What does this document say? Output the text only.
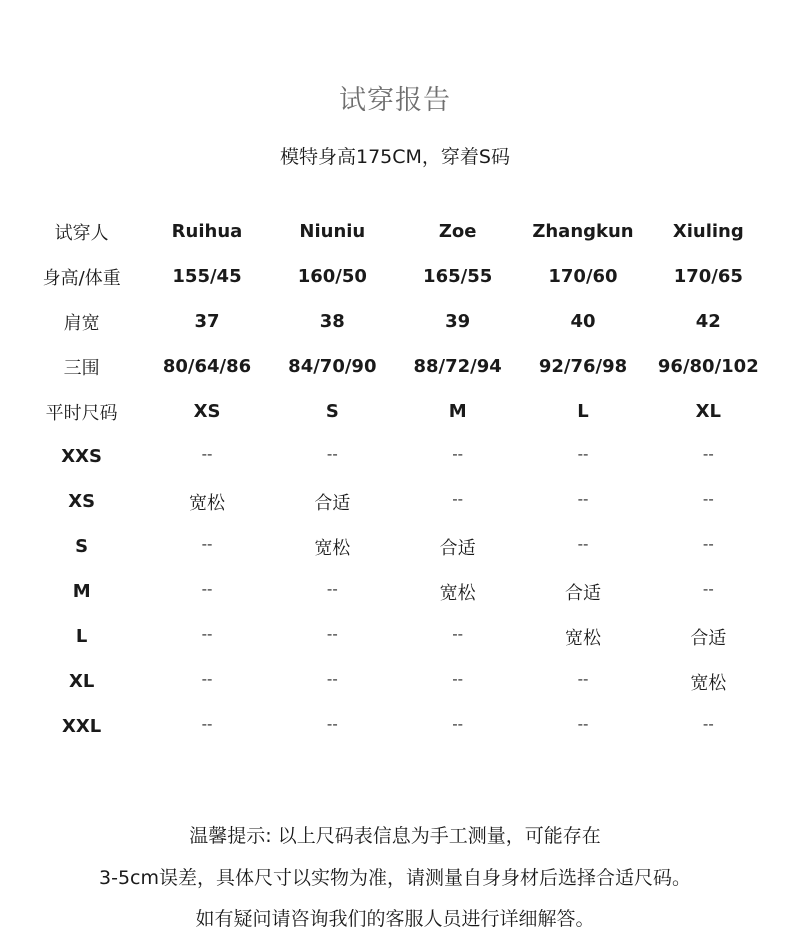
试穿报告
模特身高175CM，穿着S码
试穿人	Ruihua	Niuniu	Zoe	Zhangkun	Xiuling
身高/体重	155/45	160/50	165/55	170/60	170/65
肩宽	37	38	39	40	42
三围	80/64/86	84/70/90	88/72/94	92/76/98	96/80/102
平时尺码	XS	S	M	L	XL
XXS	--	--	--	--	--
XS	宽松	合适	--	--	--
S	--	宽松	合适	--	--
M	--	--	宽松	合适	--
L	--	--	--	宽松	合适
XL	--	--	--	--	宽松
XXL	--	--	--	--	--
温馨提示: 以上尺码表信息为手工测量，可能存在
3-5cm误差，具体尺寸以实物为准，请测量自身身材后选择合适尺码。
如有疑问请咨询我们的客服人员进行详细解答。
